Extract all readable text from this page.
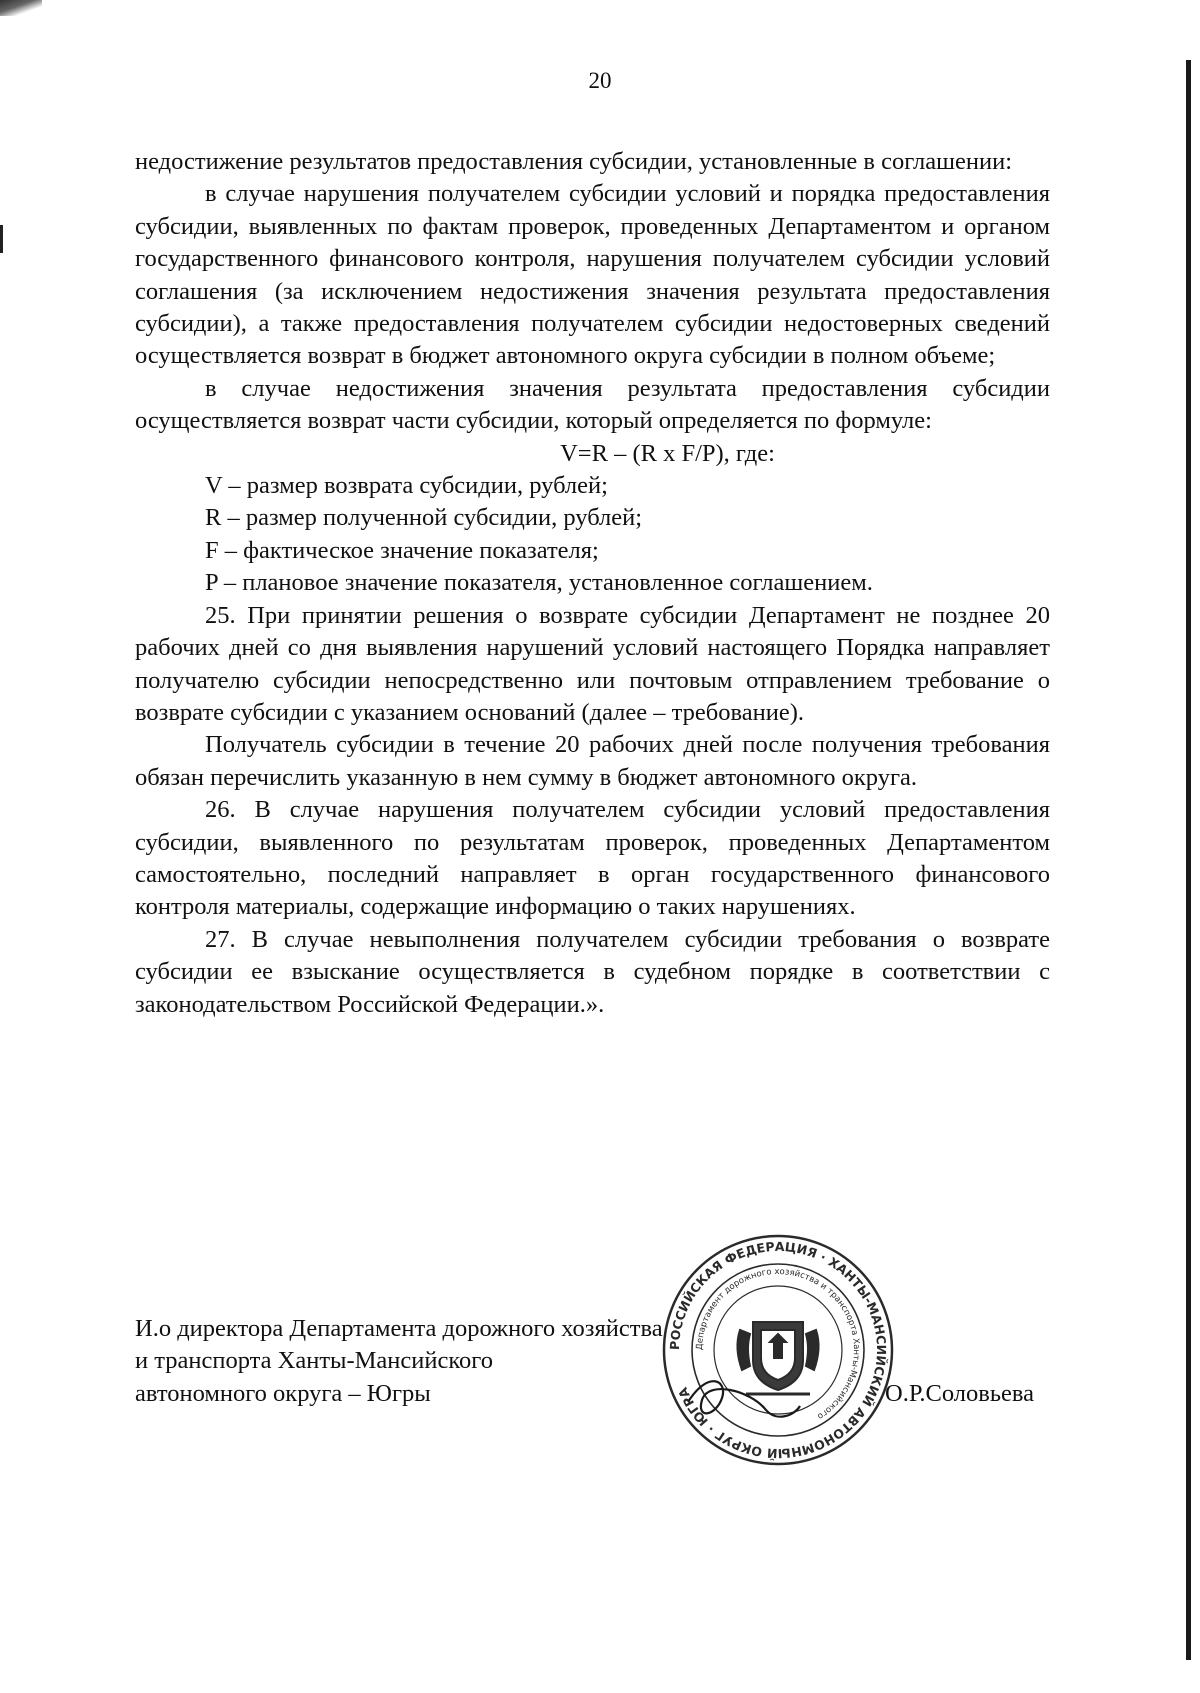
20

недостижение результатов предоставления субсидии, установленные в соглашении:

в случае нарушения получателем субсидии условий и порядка предоставления субсидии, выявленных по фактам проверок, проведенных Департаментом и органом государственного финансового контроля, нарушения получателем субсидии условий соглашения (за исключением недостижения значения результата предоставления субсидии), а также предоставления получателем субсидии недостоверных сведений осуществляется возврат в бюджет автономного округа субсидии в полном объеме;

в случае недостижения значения результата предоставления субсидии осуществляется возврат части субсидии, который определяется по формуле:

V=R – (R x F/P), где:

V – размер возврата субсидии, рублей;

R – размер полученной субсидии, рублей;

F – фактическое значение показателя;

P – плановое значение показателя, установленное соглашением.

25. При принятии решения о возврате субсидии Департамент не позднее 20 рабочих дней со дня выявления нарушений условий настоящего Порядка направляет получателю субсидии непосредственно или почтовым отправлением требование о возврате субсидии с указанием оснований (далее – требование).

Получатель субсидии в течение 20 рабочих дней после получения требования обязан перечислить указанную в нем сумму в бюджет автономного округа.

26. В случае нарушения получателем субсидии условий предоставления субсидии, выявленного по результатам проверок, проведенных Департаментом самостоятельно, последний направляет в орган государственного финансового контроля материалы, содержащие информацию о таких нарушениях.

27. В случае невыполнения получателем субсидии требования о возврате субсидии ее взыскание осуществляется в судебном порядке в соответствии с законодательством Российской Федерации.».

И.о директора Департамента дорожного хозяйства
и транспорта Ханты-Мансийского
автономного округа – Югры
РОССИЙСКАЯ ФЕДЕРАЦИЯ · ХАНТЫ-МАНСИЙСКИЙ АВТОНОМНЫЙ ОКРУГ · ЮГРА
Департамент дорожного хозяйства и транспорта Ханты-Мансийского
О.Р.Соловьева
